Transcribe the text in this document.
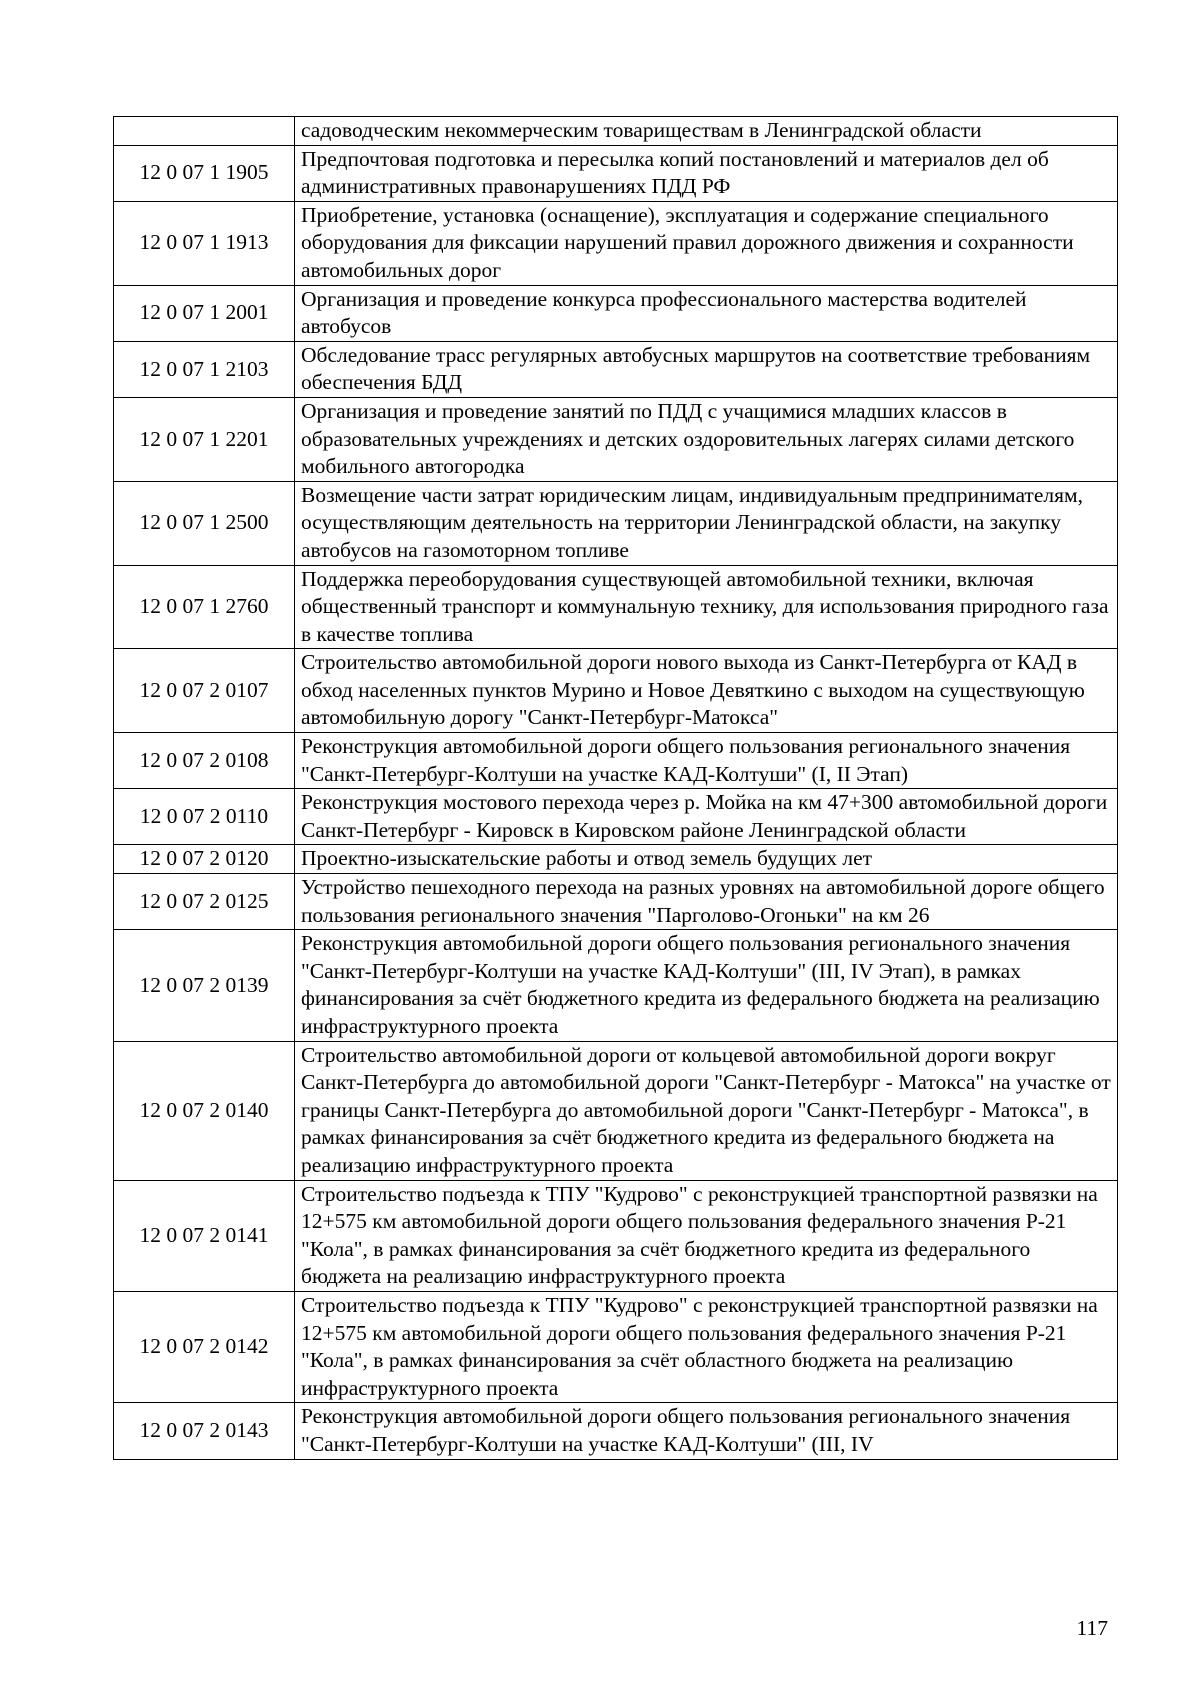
	садоводческим некоммерческим товариществам в Ленинградской области
12 0 07 1 1905	Предпочтовая подготовка и пересылка копий постановлений и материалов дел об административных правонарушениях ПДД РФ
12 0 07 1 1913	Приобретение, установка (оснащение), эксплуатация и содержание специального оборудования для фиксации нарушений правил дорожного движения и сохранности автомобильных дорог
12 0 07 1 2001	Организация и проведение конкурса профессионального мастерства водителей автобусов
12 0 07 1 2103	Обследование трасс регулярных автобусных маршрутов на соответствие требованиям обеспечения БДД
12 0 07 1 2201	Организация и проведение занятий по ПДД с учащимися младших классов в образовательных учреждениях и детских оздоровительных лагерях силами детского мобильного автогородка
12 0 07 1 2500	Возмещение части затрат юридическим лицам, индивидуальным предпринимателям, осуществляющим деятельность на территории Ленинградской области, на закупку автобусов на газомоторном топливе
12 0 07 1 2760	Поддержка переоборудования существующей автомобильной техники, включая общественный транспорт и коммунальную технику, для использования природного газа в качестве топлива
12 0 07 2 0107	Строительство автомобильной дороги нового выхода из Санкт-Петербурга от КАД в обход населенных пунктов Мурино и Новое Девяткино с выходом на существующую автомобильную дорогу "Санкт-Петербург-Матокса"
12 0 07 2 0108	Реконструкция автомобильной дороги общего пользования регионального значения "Санкт-Петербург-Колтуши на участке КАД-Колтуши" (I, II Этап)
12 0 07 2 0110	Реконструкция мостового перехода через р. Мойка на км 47+300 автомобильной дороги Санкт-Петербург - Кировск в Кировском районе Ленинградской области
12 0 07 2 0120	Проектно-изыскательские работы и отвод земель будущих лет
12 0 07 2 0125	Устройство пешеходного перехода на разных уровнях на автомобильной дороге общего пользования регионального значения "Парголово-Огоньки" на км 26
12 0 07 2 0139	Реконструкция автомобильной дороги общего пользования регионального значения "Санкт-Петербург-Колтуши на участке КАД-Колтуши" (III, IV Этап), в рамках финансирования за счёт бюджетного кредита из федерального бюджета на реализацию инфраструктурного проекта
12 0 07 2 0140	Строительство автомобильной дороги от кольцевой автомобильной дороги вокруг Санкт-Петербурга до автомобильной дороги "Санкт-Петербург - Матокса" на участке от границы Санкт-Петербурга до автомобильной дороги "Санкт-Петербург - Матокса", в рамках финансирования за счёт бюджетного кредита из федерального бюджета на реализацию инфраструктурного проекта
12 0 07 2 0141	Строительство подъезда к ТПУ "Кудрово" с реконструкцией транспортной развязки на 12+575 км автомобильной дороги общего пользования федерального значения Р-21 "Кола", в рамках финансирования за счёт бюджетного кредита из федерального бюджета на реализацию инфраструктурного проекта
12 0 07 2 0142	Строительство подъезда к ТПУ "Кудрово" с реконструкцией транспортной развязки на 12+575 км автомобильной дороги общего пользования федерального значения Р-21 "Кола", в рамках финансирования за счёт областного бюджета на реализацию инфраструктурного проекта
12 0 07 2 0143	Реконструкция автомобильной дороги общего пользования регионального значения "Санкт-Петербург-Колтуши на участке КАД-Колтуши" (III, IV
117
